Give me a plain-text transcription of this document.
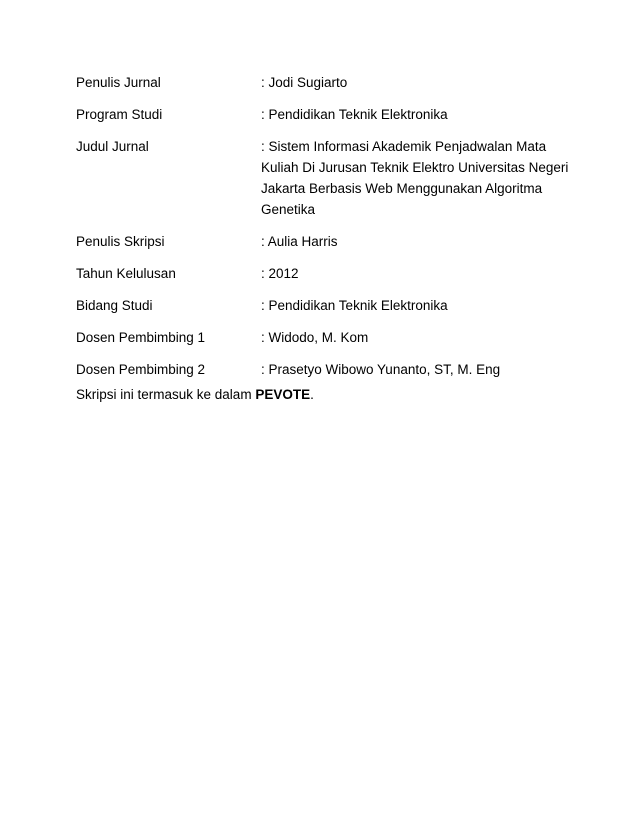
Penulis Jurnal	: Jodi Sugiarto
Program Studi	: Pendidikan Teknik Elektronika
Judul Jurnal	: Sistem Informasi Akademik Penjadwalan Mata Kuliah Di Jurusan Teknik Elektro Universitas Negeri Jakarta Berbasis Web Menggunakan Algoritma Genetika
Penulis Skripsi	: Aulia Harris
Tahun Kelulusan	: 2012
Bidang Studi	: Pendidikan Teknik Elektronika
Dosen Pembimbing 1	: Widodo, M. Kom
Dosen Pembimbing 2	: Prasetyo Wibowo Yunanto, ST, M. Eng
Skripsi ini termasuk ke dalam PEVOTE.
